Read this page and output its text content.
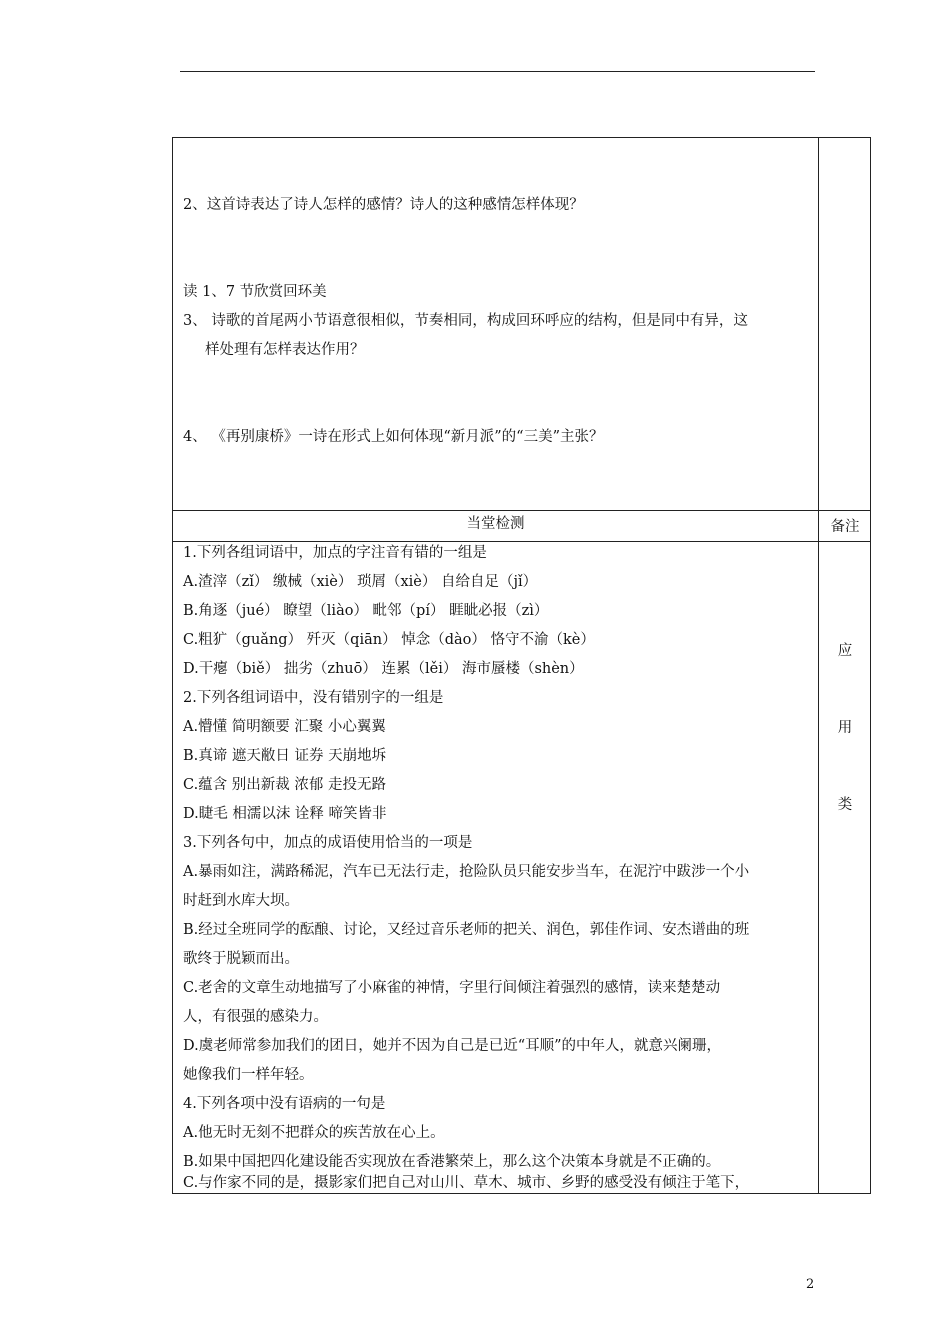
2、这首诗表达了诗人怎样的感情？诗人的这种感情怎样体现？
读 1、7 节欣赏回环美
3、 诗歌的首尾两小节语意很相似，节奏相同，构成回环呼应的结构，但是同中有异，这
样处理有怎样表达作用？
4、 《再别康桥》一诗在形式上如何体现“新月派”的“三美”主张？
当堂检测	备注
应
用
类
1.下列各组词语中，加点的字注音有错的一组是
A.渣滓（zǐ） 缴械（xiè） 琐屑（xiè） 自给自足（jǐ）
B.角逐（jué） 瞭望（liào） 毗邻（pí） 睚眦必报（zì）
C.粗犷（guǎng） 歼灭（qiān） 悼念（dào） 恪守不渝（kè）
D.干瘪（biě） 拙劣（zhuō） 连累（lěi） 海市蜃楼（shèn）
2.下列各组词语中，没有错别字的一组是
A.懵懂 简明额要 汇聚 小心翼翼
B.真谛 遮天敝日 证券 天崩地坼
C.蕴含 别出新裁 浓郁 走投无路
D.睫毛 相濡以沫 诠释 啼笑皆非
3.下列各句中，加点的成语使用恰当的一项是
A.暴雨如注，满路稀泥，汽车已无法行走，抢险队员只能安步当车，在泥泞中跋涉一个小
时赶到水库大坝。
B.经过全班同学的酝酿、讨论，又经过音乐老师的把关、润色，郭佳作词、安杰谱曲的班
歌终于脱颖而出。
C.老舍的文章生动地描写了小麻雀的神情，字里行间倾注着强烈的感情，读来楚楚动
人，有很强的感染力。
D.虞老师常参加我们的团日，她并不因为自己是已近“耳顺”的中年人，就意兴阑珊，
她像我们一样年轻。
4.下列各项中没有语病的一句是
A.他无时无刻不把群众的疾苦放在心上。
B.如果中国把四化建设能否实现放在香港繁荣上，那么这个决策本身就是不正确的。
C.与作家不同的是，摄影家们把自己对山川、草木、城市、乡野的感受没有倾注于笔下，
2
